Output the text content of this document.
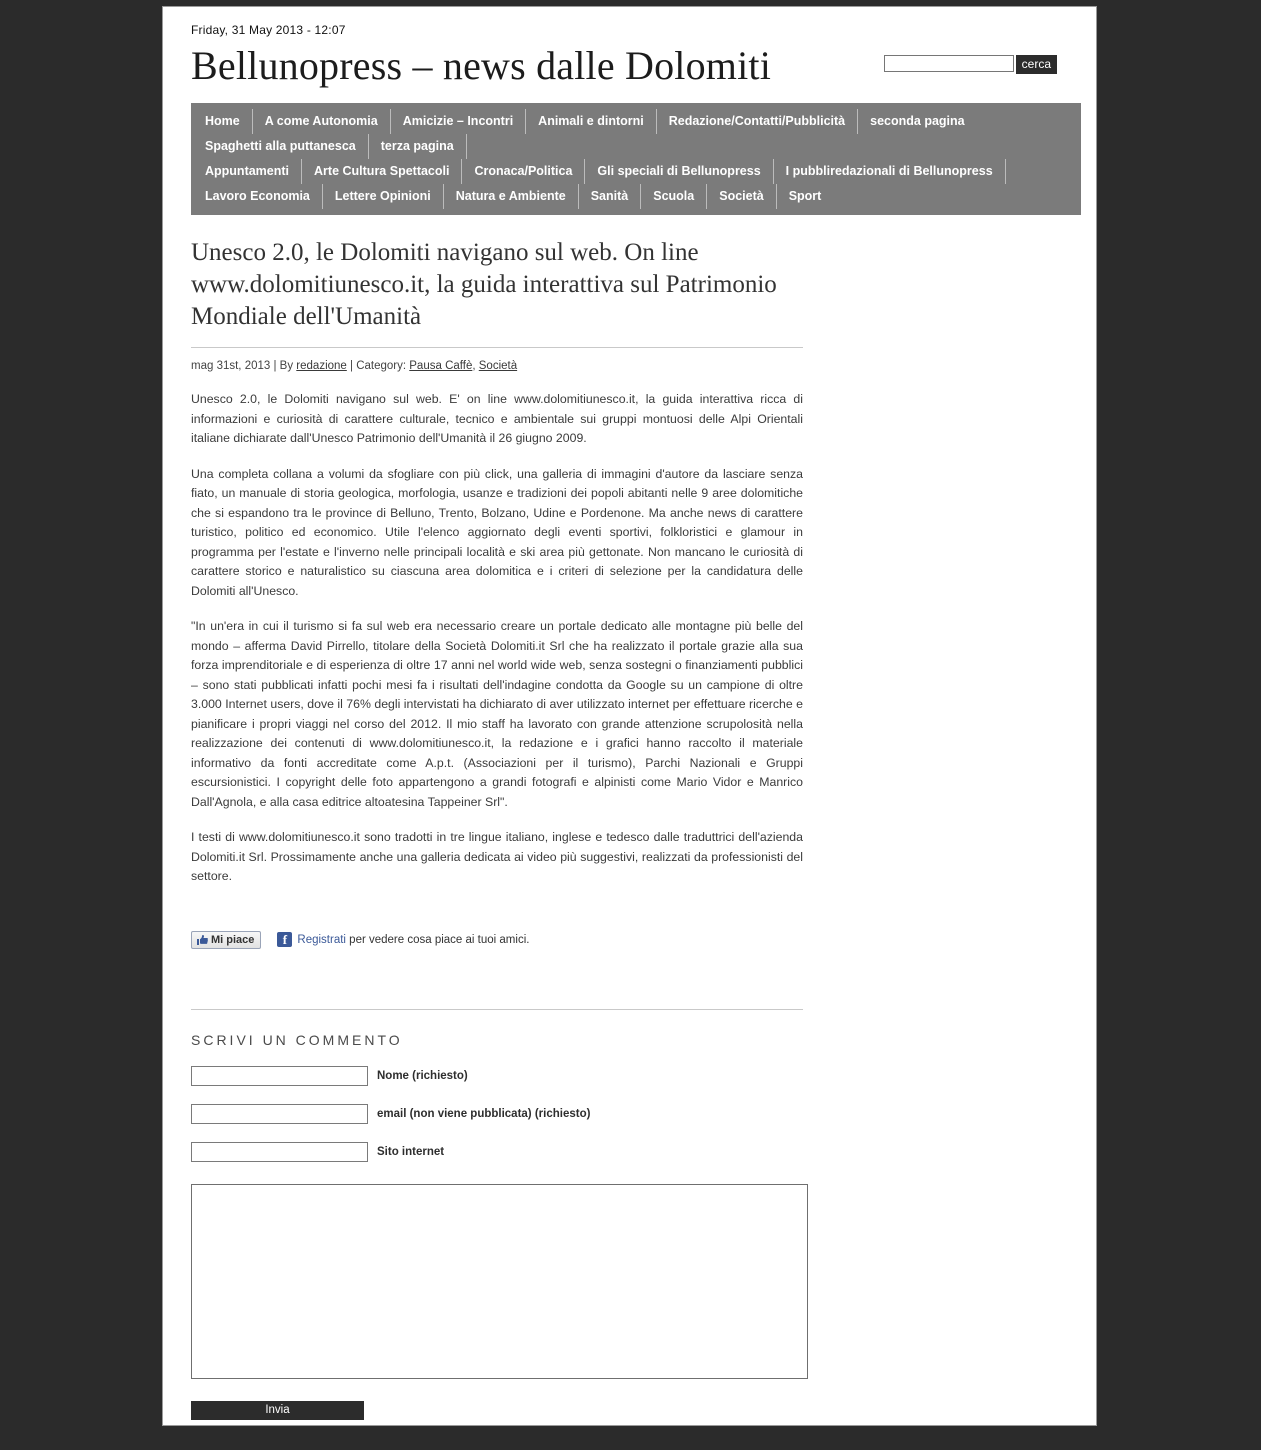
Friday, 31 May 2013 - 12:07
cerca
Bellunopress – news dalle Dolomiti
Home	A come Autonomia	Amicizie – Incontri	Animali e dintorni	Redazione/Contatti/Pubblicità	seconda pagina
Spaghetti alla puttanesca	terza pagina
Appuntamenti	Arte Cultura Spettacoli	Cronaca/Politica	Gli speciali di Bellunopress	I pubbliredazionali di Bellunopress
Lavoro Economia	Lettere Opinioni	Natura e Ambiente	Sanità	Scuola	Società	Sport
Unesco 2.0, le Dolomiti navigano sul web. On line www.dolomitiunesco.it, la guida interattiva sul Patrimonio Mondiale dell'Umanità
mag 31st, 2013 | By redazione | Category: Pausa Caffè, Società

Unesco 2.0, le Dolomiti navigano sul web. E' on line www.dolomitiunesco.it, la guida interattiva ricca di informazioni e curiosità di carattere culturale, tecnico e ambientale sui gruppi montuosi delle Alpi Orientali italiane dichiarate dall'Unesco Patrimonio dell'Umanità il 26 giugno 2009.

Una completa collana a volumi da sfogliare con più click, una galleria di immagini d'autore da lasciare senza fiato, un manuale di storia geologica, morfologia, usanze e tradizioni dei popoli abitanti nelle 9 aree dolomitiche che si espandono tra le province di Belluno, Trento, Bolzano, Udine e Pordenone. Ma anche news di carattere turistico, politico ed economico. Utile l'elenco aggiornato degli eventi sportivi, folkloristici e glamour in programma per l'estate e l'inverno nelle principali località e ski area più gettonate. Non mancano le curiosità di carattere storico e naturalistico su ciascuna area dolomitica e i criteri di selezione per la candidatura delle Dolomiti all'Unesco.

"In un'era in cui il turismo si fa sul web era necessario creare un portale dedicato alle montagne più belle del mondo – afferma David Pirrello, titolare della Società Dolomiti.it Srl che ha realizzato il portale grazie alla sua forza imprenditoriale e di esperienza di oltre 17 anni nel world wide web, senza sostegni o finanziamenti pubblici – sono stati pubblicati infatti pochi mesi fa i risultati dell'indagine condotta da Google su un campione di oltre 3.000 Internet users, dove il 76% degli intervistati ha dichiarato di aver utilizzato internet per effettuare ricerche e pianificare i propri viaggi nel corso del 2012. Il mio staff ha lavorato con grande attenzione scrupolosità nella realizzazione dei contenuti di www.dolomitiunesco.it, la redazione e i grafici hanno raccolto il materiale informativo da fonti accreditate come A.p.t. (Associazioni per il turismo), Parchi Nazionali e Gruppi escursionistici. I copyright delle foto appartengono a grandi fotografi e alpinisti come Mario Vidor e Manrico Dall'Agnola, e alla casa editrice altoatesina Tappeiner Srl".

I testi di www.dolomitiunesco.it sono tradotti in tre lingue italiano, inglese e tedesco dalle traduttrici dell'azienda Dolomiti.it Srl. Prossimamente anche una galleria dedicata ai video più suggestivi, realizzati da professionisti del settore.

Mi piace	f Registrati per vedere cosa piace ai tuoi amici.
SCRIVI UN COMMENTO
Nome (richiesto)
email (non viene pubblicata) (richiesto)
Sito internet
Invia
